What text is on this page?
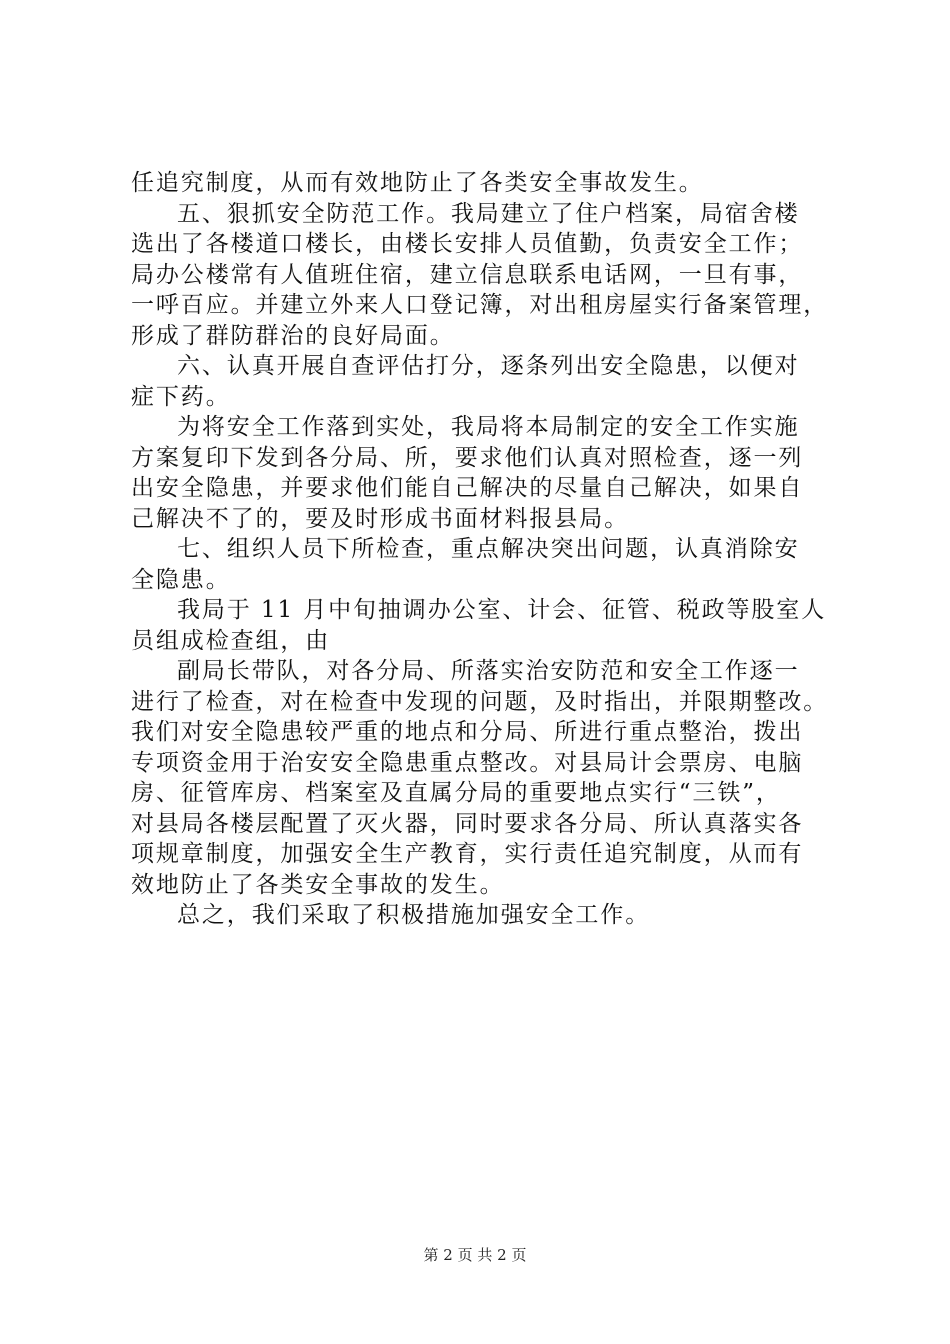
任追究制度，从而有效地防止了各类安全事故发生。
五、狠抓安全防范工作。我局建立了住户档案，局宿舍楼
选出了各楼道口楼长，由楼长安排人员值勤，负责安全工作；
局办公楼常有人值班住宿，建立信息联系电话网，一旦有事，
一呼百应。并建立外来人口登记簿，对出租房屋实行备案管理，
形成了群防群治的良好局面。
六、认真开展自查评估打分，逐条列出安全隐患，以便对
症下药。
为将安全工作落到实处，我局将本局制定的安全工作实施
方案复印下发到各分局、所，要求他们认真对照检查，逐一列
出安全隐患，并要求他们能自己解决的尽量自己解决，如果自
己解决不了的，要及时形成书面材料报县局。
七、组织人员下所检查，重点解决突出问题，认真消除安
全隐患。
我局于 11 月中旬抽调办公室、计会、征管、税政等股室人
员组成检查组，由
副局长带队，对各分局、所落实治安防范和安全工作逐一
进行了检查，对在检查中发现的问题，及时指出，并限期整改。
我们对安全隐患较严重的地点和分局、所进行重点整治，拨出
专项资金用于治安安全隐患重点整改。对县局计会票房、电脑
房、征管库房、档案室及直属分局的重要地点实行“三铁”，
对县局各楼层配置了灭火器，同时要求各分局、所认真落实各
项规章制度，加强安全生产教育，实行责任追究制度，从而有
效地防止了各类安全事故的发生。
总之，我们采取了积极措施加强安全工作。
第 2 页 共 2 页
